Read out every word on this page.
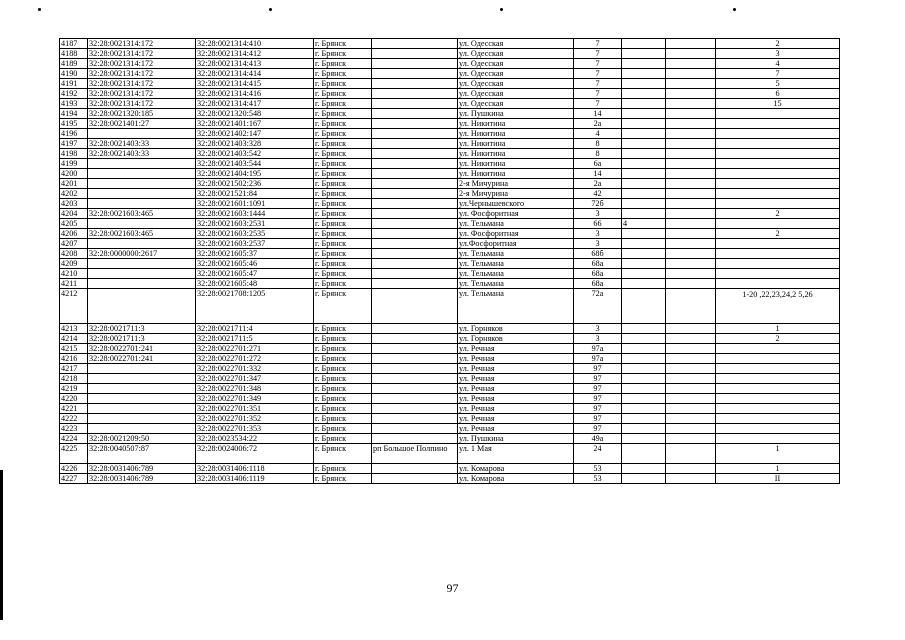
4187	32:28:0021314:172	32:28:0021314:410	г. Брянск		ул. Одесская	7			2
4188	32:28:0021314:172	32:28:0021314:412	г. Брянск		ул. Одесская	7			3
4189	32:28:0021314:172	32:28:0021314:413	г. Брянск		ул. Одесская	7			4
4190	32:28:0021314:172	32:28:0021314:414	г. Брянск		ул. Одесская	7			7
4191	32:28:0021314:172	32:28:0021314:415	г. Брянск		ул. Одесская	7			5
4192	32:28:0021314:172	32:28:0021314:416	г. Брянск		ул. Одесская	7			6
4193	32:28:0021314:172	32:28:0021314:417	г. Брянск		ул. Одесская	7			15
4194	32:28:0021320:185	32:28:0021320:548	г. Брянск		ул. Пушкина	14			
4195	32:28:0021401:27	32:28:0021401:167	г. Брянск		ул. Никитина	2а			
4196		32:28:0021402:147	г. Брянск		ул. Никитина	4			
4197	32:28:0021403:33	32:28:0021403:328	г. Брянск		ул. Никитина	8			
4198	32:28:0021403:33	32:28:0021403:542	г. Брянск		ул. Никитина	8			
4199		32:28:0021403:544	г. Брянск		ул. Никитина	6а			
4200		32:28:0021404:195	г. Брянск		ул. Никитина	14			
4201		32:28:0021502:236	г. Брянск		2-я Мичурина	2а			
4202		32:28:0021521:84	г. Брянск		2-я Мичурина	42			
4203		32:28:0021601:1091	г. Брянск		ул.Чернышевского	72б			
4204	32:28:0021603:465	32:28:0021603:1444	г. Брянск		ул. Фосфоритная	3			2
4205		32:28:0021603:2531	г. Брянск		ул. Тельмана	66	4		
4206	32:28:0021603:465	32:28:0021603:2535	г. Брянск		ул. Фосфоритная	3			2
4207		32:28:0021603:2537	г. Брянск		ул.Фосфоритная	3			
4208	32:28:0000000:2617	32:28:0021605:37	г. Брянск		ул. Тельмана	68б			
4209		32:28:0021605:46	г. Брянск		ул. Тельмана	68а			
4210		32:28:0021605:47	г. Брянск		ул. Тельмана	68а			
4211		32:28:0021605:48	г. Брянск		ул. Тельмана	68а			
4212		32:28:0021708:1205	г. Брянск		ул. Тельмана	72а			1-20 ,22,23,24,2 5,26
4213	32:28:0021711:3	32:28:0021711:4	г. Брянск		ул. Горняков	3			1
4214	32:28:0021711:3	32:28:0021711:5	г. Брянск		ул. Горняков	3			2
4215	32:28:0022701:241	32:28:0022701:271	г. Брянск		ул. Речная	97а			
4216	32:28:0022701:241	32:28:0022701:272	г. Брянск		ул. Речная	97а			
4217		32:28:0022701:332	г. Брянск		ул. Речная	97			
4218		32:28:0022701:347	г. Брянск		ул. Речная	97			
4219		32:28:0022701:348	г. Брянск		ул. Речная	97			
4220		32:28:0022701:349	г. Брянск		ул. Речная	97			
4221		32:28:0022701:351	г. Брянск		ул. Речная	97			
4222		32:28:0022701:352	г. Брянск		ул. Речная	97			
4223		32:28:0022701:353	г. Брянск		ул. Речная	97			
4224	32:28:0021209:50	32:28:0023534:22	г. Брянск		ул. Пушкина	49а			
4225	32:28:0040507:87	32:28:0024006:72	г. Брянск	рп Большое Полпино	ул. 1 Мая	24			1
4226	32:28:0031406:789	32:28:0031406:1118	г. Брянск		ул. Комарова	53			1
4227	32:28:0031406:789	32:28:0031406:1119	г. Брянск		ул. Комарова	53			II
97
